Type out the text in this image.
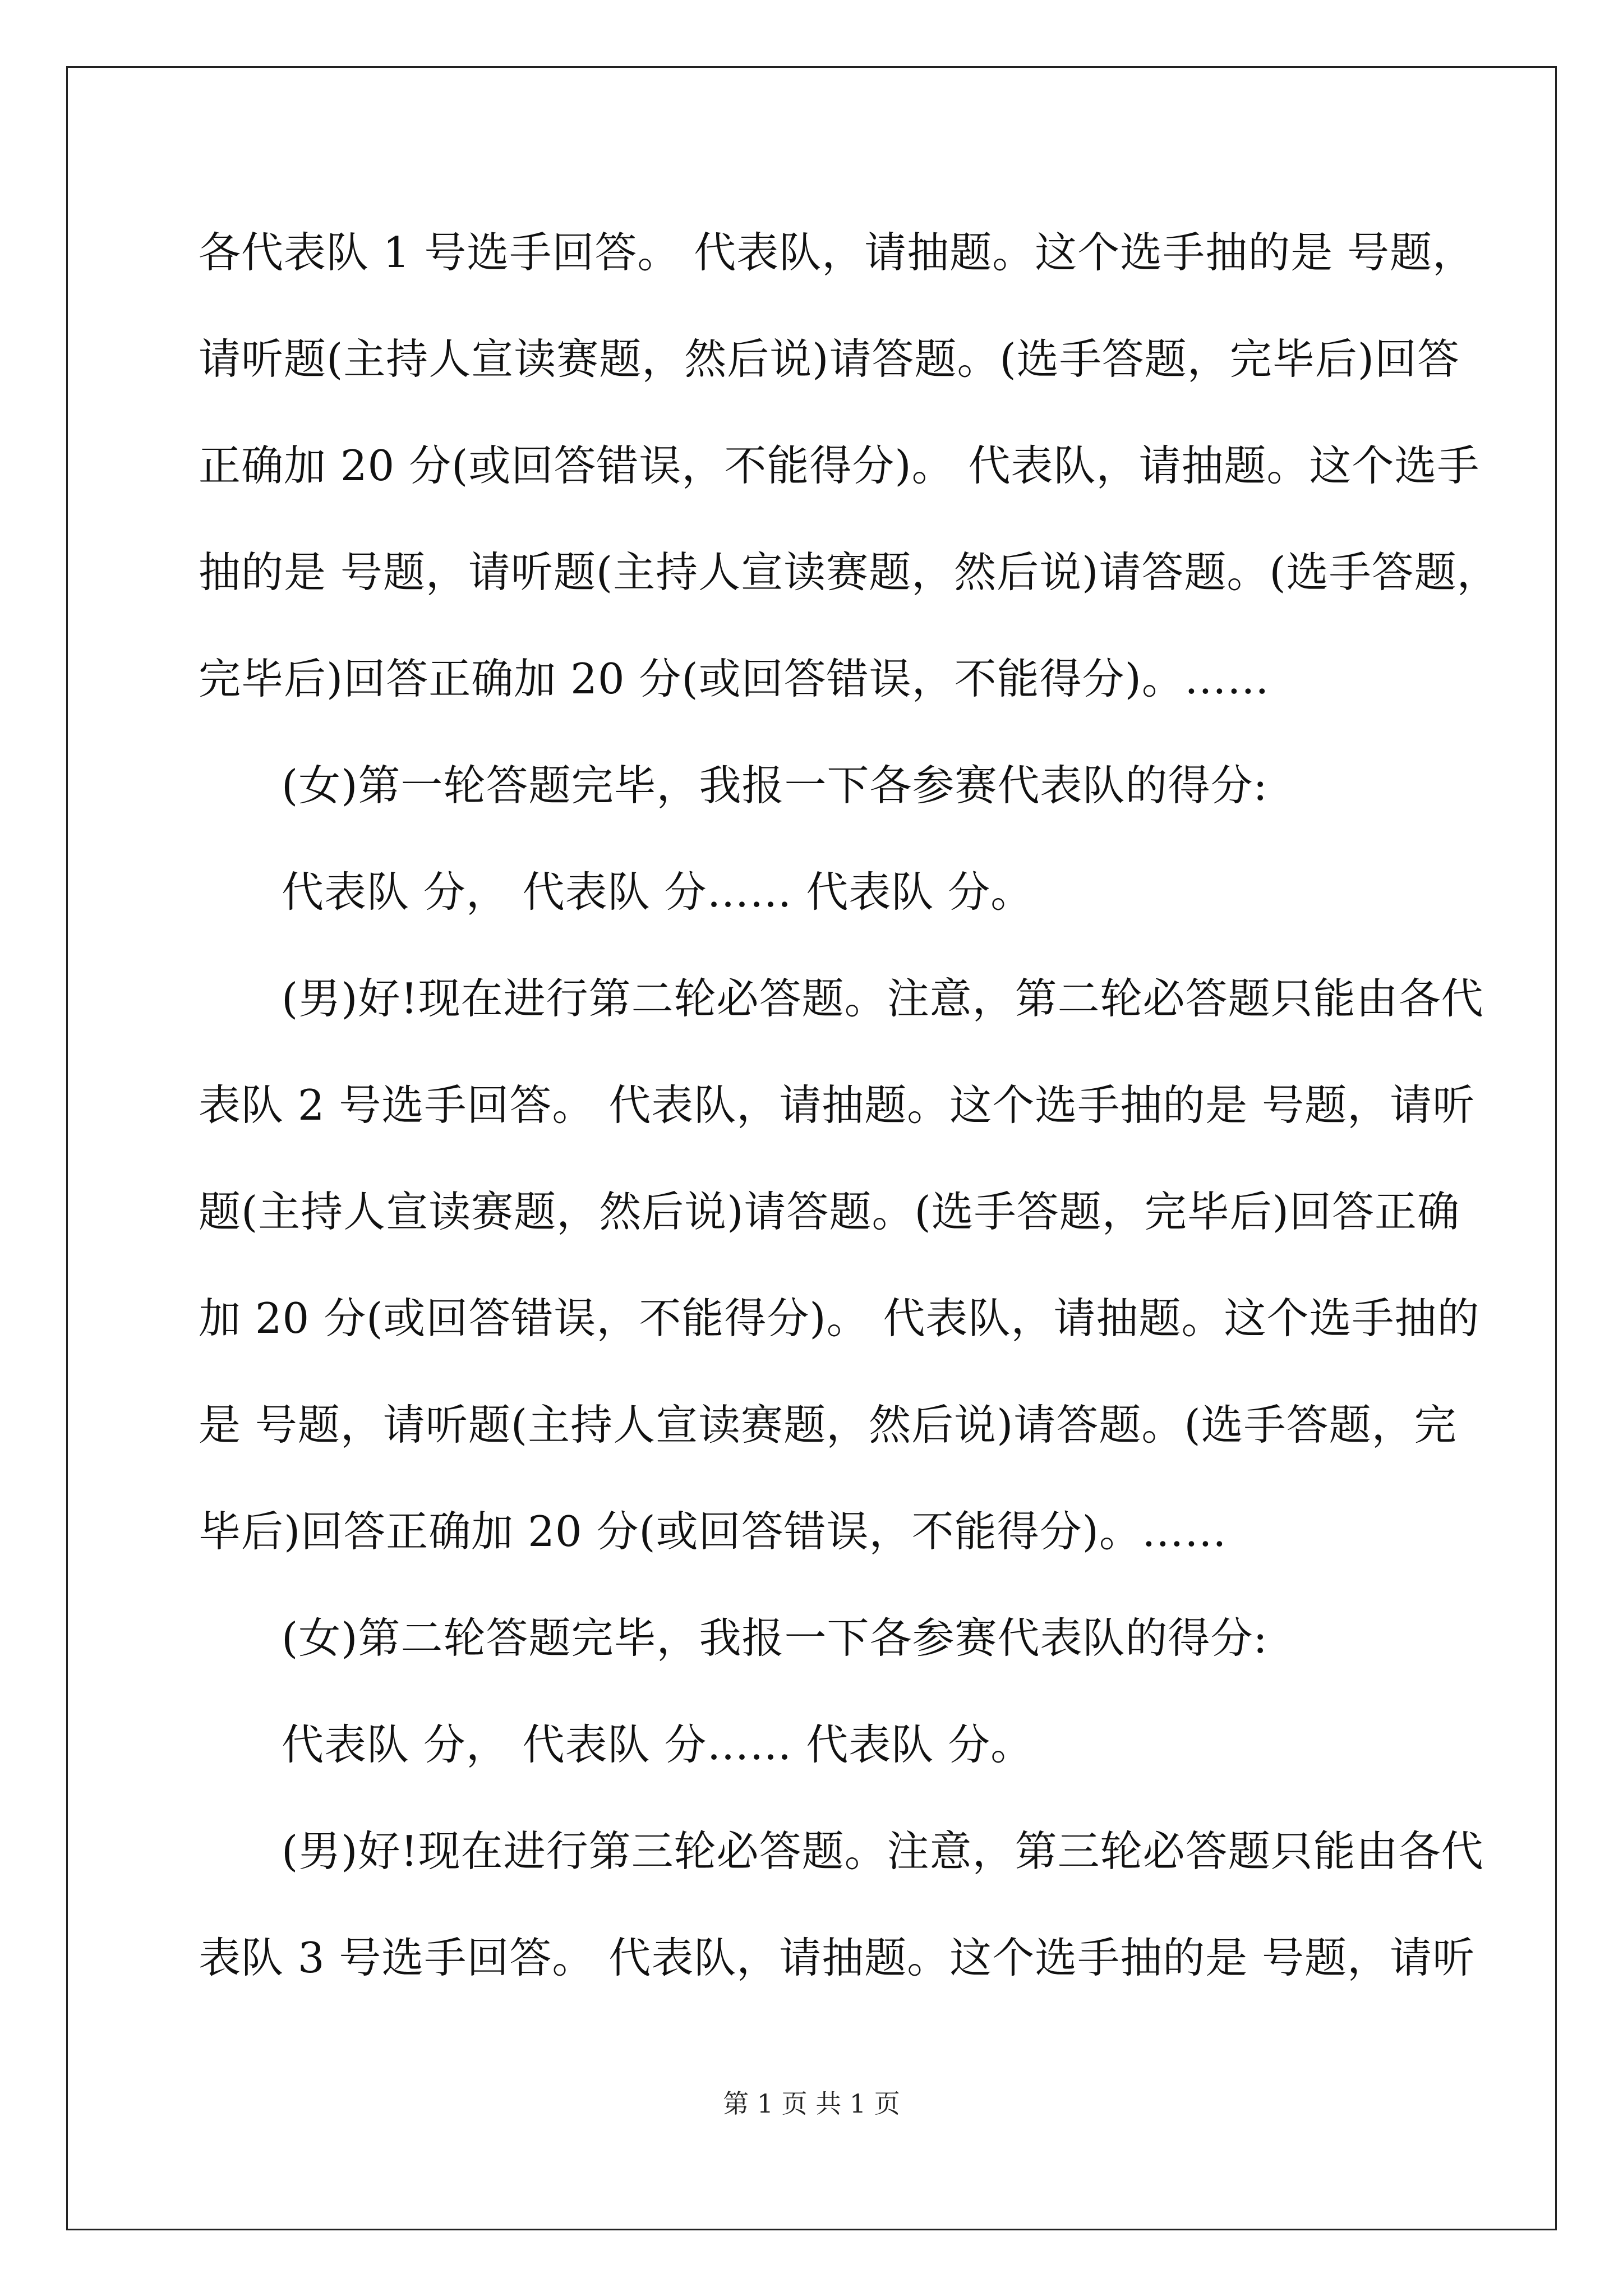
各代表队 1 号选手回答。 代表队，请抽题。这个选手抽的是 号题，
请听题(主持人宣读赛题，然后说)请答题。(选手答题，完毕后)回答
正确加 20 分(或回答错误，不能得分)。 代表队，请抽题。这个选手
抽的是 号题，请听题(主持人宣读赛题，然后说)请答题。(选手答题，
完毕后)回答正确加 20 分(或回答错误，不能得分)。……
(女)第一轮答题完毕，我报一下各参赛代表队的得分:
代表队 分， 代表队 分…… 代表队 分。
(男)好!现在进行第二轮必答题。注意，第二轮必答题只能由各代
表队 2 号选手回答。 代表队，请抽题。这个选手抽的是 号题，请听
题(主持人宣读赛题，然后说)请答题。(选手答题，完毕后)回答正确
加 20 分(或回答错误，不能得分)。 代表队，请抽题。这个选手抽的
是 号题，请听题(主持人宣读赛题，然后说)请答题。(选手答题，完
毕后)回答正确加 20 分(或回答错误，不能得分)。……
(女)第二轮答题完毕，我报一下各参赛代表队的得分:
代表队 分， 代表队 分…… 代表队 分。
(男)好!现在进行第三轮必答题。注意，第三轮必答题只能由各代
表队 3 号选手回答。 代表队，请抽题。这个选手抽的是 号题，请听
第 1 页 共 1 页
